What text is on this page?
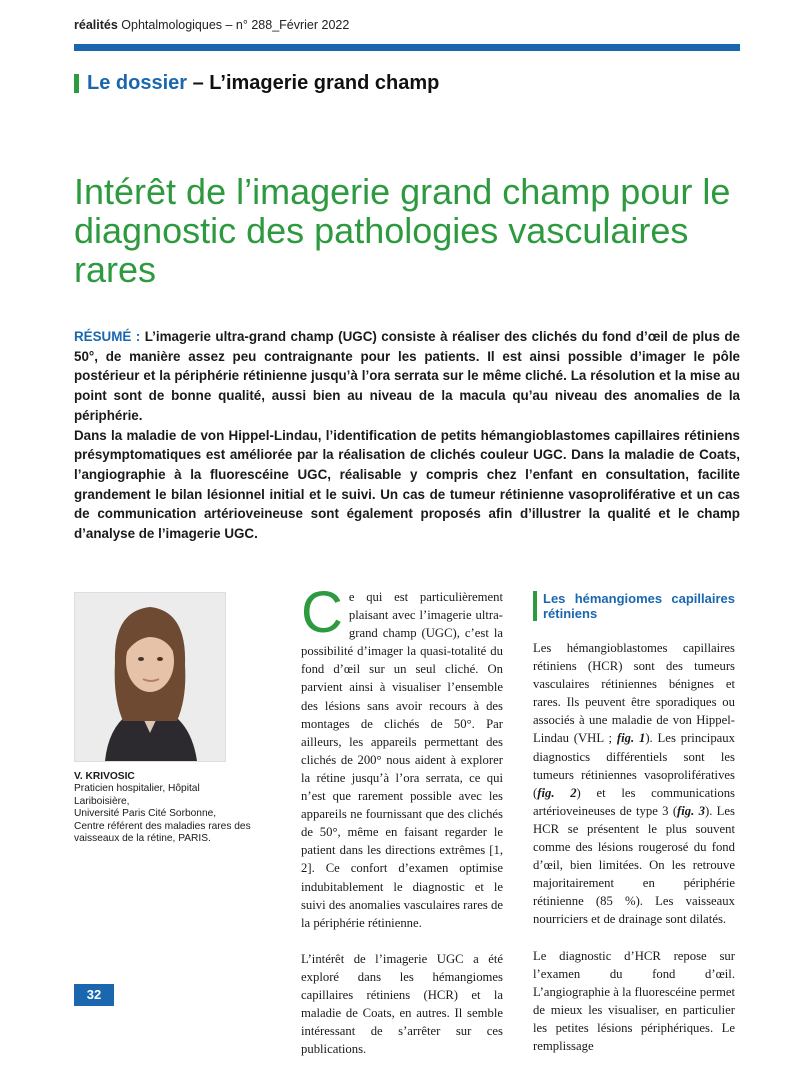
réalités Ophtalmologiques – n° 288_Février 2022
Le dossier
– L’imagerie grand champ
Intérêt de l’imagerie grand champ pour le diagnostic des pathologies vasculaires rares

RÉSUMÉ : L’imagerie ultra-grand champ (UGC) consiste à réaliser des clichés du fond d’œil de plus de 50°, de manière assez peu contraignante pour les patients. Il est ainsi possible d’imager le pôle postérieur et la périphérie rétinienne jusqu’à l’ora serrata sur le même cliché. La résolution et la mise au point sont de bonne qualité, aussi bien au niveau de la macula qu’au niveau des anomalies de la périphérie.

Dans la maladie de von Hippel-Lindau, l’identification de petits hémangioblastomes capillaires rétiniens présymptomatiques est améliorée par la réalisation de clichés couleur UGC. Dans la maladie de Coats, l’angiographie à la fluorescéine UGC, réalisable y compris chez l’enfant en consultation, facilite grandement le bilan lésionnel initial et le suivi. Un cas de tumeur rétinienne vasoproliférative et un cas de communication artérioveineuse sont également proposés afin d’illustrer la qualité et le champ d’analyse de l’imagerie UGC.

V. KRIVOSIC
Praticien hospitalier, Hôpital Lariboisière,
Université Paris Cité Sorbonne,
Centre référent des maladies rares des vaisseaux de la rétine, PARIS.

Ce qui est particulièrement plaisant avec l’imagerie ultra-grand champ (UGC), c’est la possibilité d’imager la quasi-totalité du fond d’œil sur un seul cliché. On parvient ainsi à visualiser l’ensemble des lésions sans avoir recours à des montages de clichés de 50°. Par ailleurs, les appareils permettant des clichés de 200° nous aident à explorer la rétine jusqu’à l’ora serrata, ce qui n’est que rarement possible avec les appareils ne fournissant que des clichés de 50°, même en faisant regarder le patient dans les directions extrêmes [1, 2]. Ce confort d’examen optimise indubitablement le diagnostic et le suivi des anomalies vasculaires rares de la périphérie rétinienne.

L’intérêt de l’imagerie UGC a été exploré dans les hémangiomes capillaires rétiniens (HCR) et la maladie de Coats, en autres. Il semble intéressant de s’arrêter sur ces publications.

Les hémangiomes capillaires rétiniens

Les hémangioblastomes capillaires rétiniens (HCR) sont des tumeurs vasculaires rétiniennes bénignes et rares. Ils peuvent être sporadiques ou associés à une maladie de von Hippel-Lindau (VHL ; fig. 1). Les principaux diagnostics différentiels sont les tumeurs rétiniennes vasoprolifératives (fig. 2) et les communications artérioveineuses de type 3 (fig. 3). Les HCR se présentent le plus souvent comme des lésions rougerosé du fond d’œil, bien limitées. On les retrouve majoritairement en périphérie rétinienne (85 %). Les vaisseaux nourriciers et de drainage sont dilatés.

Le diagnostic d’HCR repose sur l’examen du fond d’œil. L’angiographie à la fluorescéine permet de mieux les visualiser, en particulier les petites lésions périphériques. Le remplissage

32
